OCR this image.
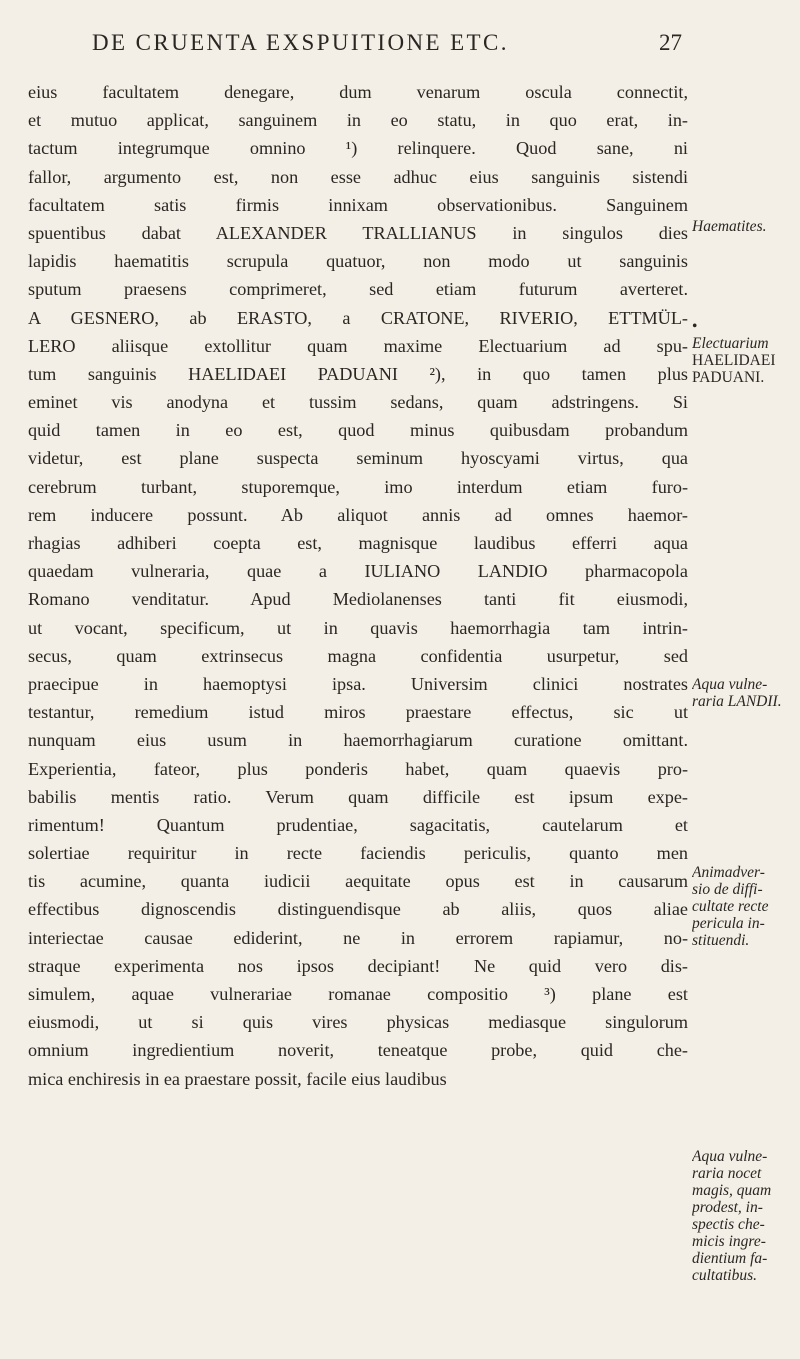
DE CRUENTA EXSPUITIONE ETC.	27
eius facultatem denegare, dum venarum oscula connectit,
et mutuo applicat, sanguinem in eo statu, in quo erat, in-
tactum integrumque omnino ¹) relinquere. Quod sane, ni
fallor, argumento est, non esse adhuc eius sanguinis sistendi
facultatem satis firmis innixam observationibus. Sanguinem
spuentibus dabat ALEXANDER TRALLIANUS in singulos dies
lapidis haematitis scrupula quatuor, non modo ut sanguinis
sputum praesens comprimeret, sed etiam futurum averteret.
A GESNERO, ab ERASTO, a CRATONE, RIVERIO, ETTMÜL-
LERO aliisque extollitur quam maxime Electuarium ad spu-
tum sanguinis HAELIDAEI PADUANI ²), in quo tamen plus
eminet vis anodyna et tussim sedans, quam adstringens. Si
quid tamen in eo est, quod minus quibusdam probandum
videtur, est plane suspecta seminum hyoscyami virtus, qua
cerebrum turbant, stuporemque, imo interdum etiam furo-
rem inducere possunt. Ab aliquot annis ad omnes haemor-
rhagias adhiberi coepta est, magnisque laudibus efferri aqua
quaedam vulneraria, quae a IULIANO LANDIO pharmacopola
Romano venditatur. Apud Mediolanenses tanti fit eiusmodi,
ut vocant, specificum, ut in quavis haemorrhagia tam intrin-
secus, quam extrinsecus magna confidentia usurpetur, sed
praecipue in haemoptysi ipsa. Universim clinici nostrates
testantur, remedium istud miros praestare effectus, sic ut
nunquam eius usum in haemorrhagiarum curatione omittant.
Experientia, fateor, plus ponderis habet, quam quaevis pro-
babilis mentis ratio. Verum quam difficile est ipsum expe-
rimentum! Quantum prudentiae, sagacitatis, cautelarum et
solertiae requiritur in recte faciendis periculis, quanto men
tis acumine, quanta iudicii aequitate opus est in causarum
effectibus dignoscendis distinguendisque ab aliis, quos aliae
interiectae causae ediderint, ne in errorem rapiamur, no-
straque experimenta nos ipsos decipiant! Ne quid vero dis-
simulem, aquae vulnerariae romanae compositio ³) plane est
eiusmodi, ut si quis vires physicas mediasque singulorum
omnium ingredientium noverit, teneatque probe, quid che-
mica enchiresis in ea praestare possit, facile eius laudibus
Haematites.
•
Electuarium
HAELIDAEI
PADUANI.
Aqua vulne-
raria LANDII.
Animadver-
sio de diffi-
cultate recte
pericula in-
stituendi.
Aqua vulne-
raria nocet
magis, quam
prodest, in-
spectis che-
micis ingre-
dientium fa-
cultatibus.
